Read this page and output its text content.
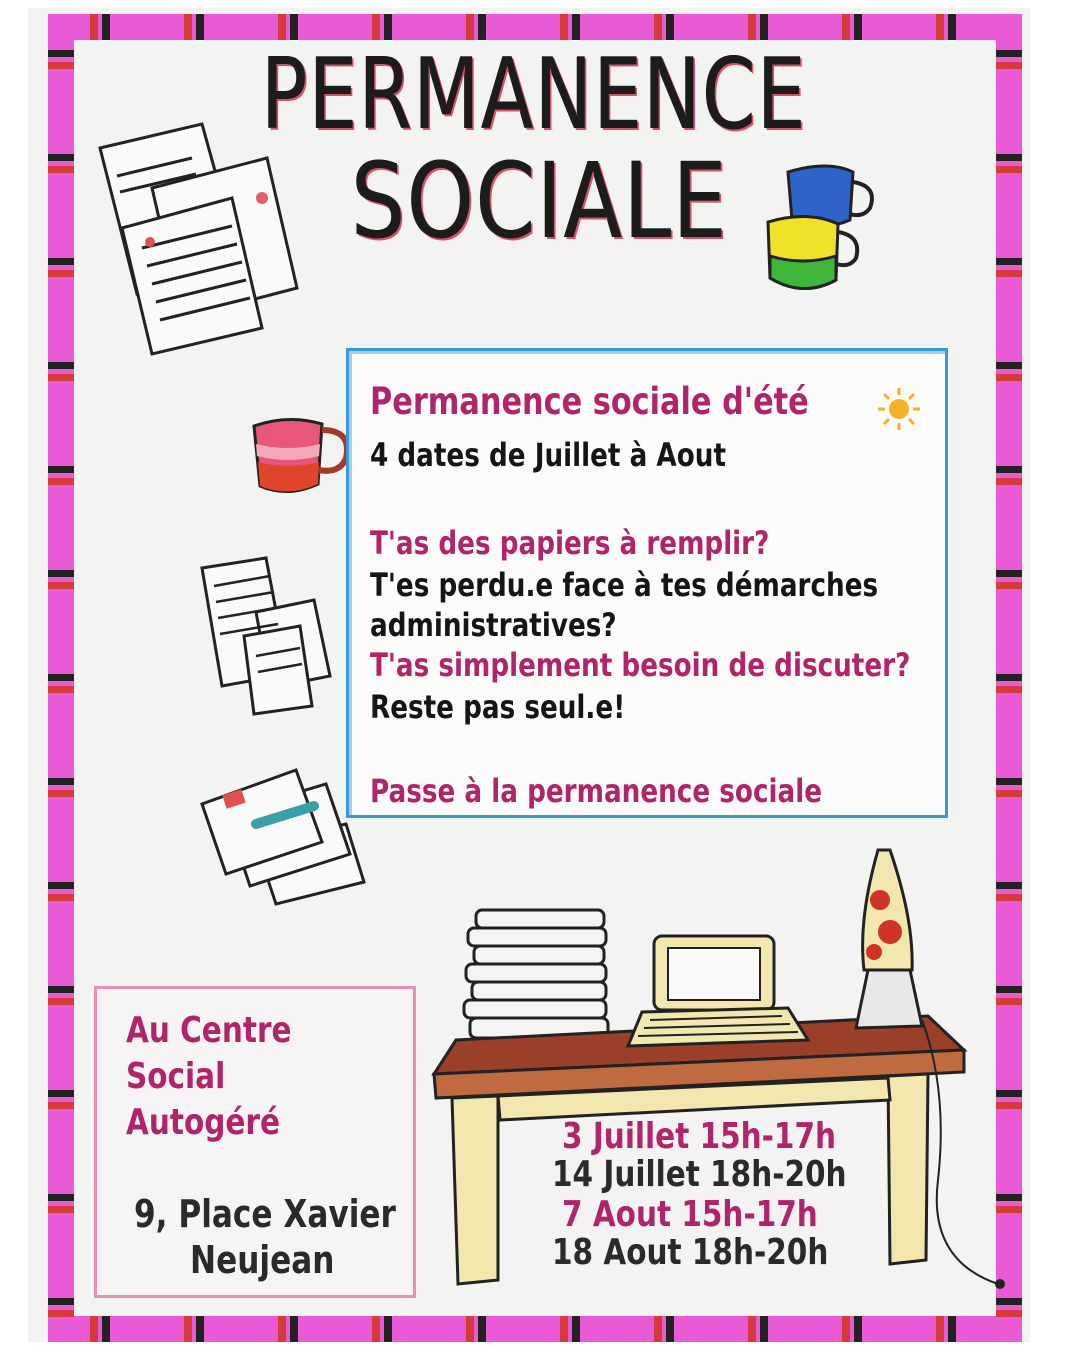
PERMANENCE
SOCIALE
Permanence sociale d'été
4 dates de Juillet à Aout
T'as des papiers à remplir?
T'es perdu.e face à tes démarches
administratives?
T'as simplement besoin de discuter?
Reste pas seul.e!
Passe à la permanence sociale
3 Juillet 15h-17h
14 Juillet 18h-20h
7 Aout 15h-17h
18 Aout 18h-20h
Au Centre
Social
Autogéré
9, Place Xavier
Neujean
